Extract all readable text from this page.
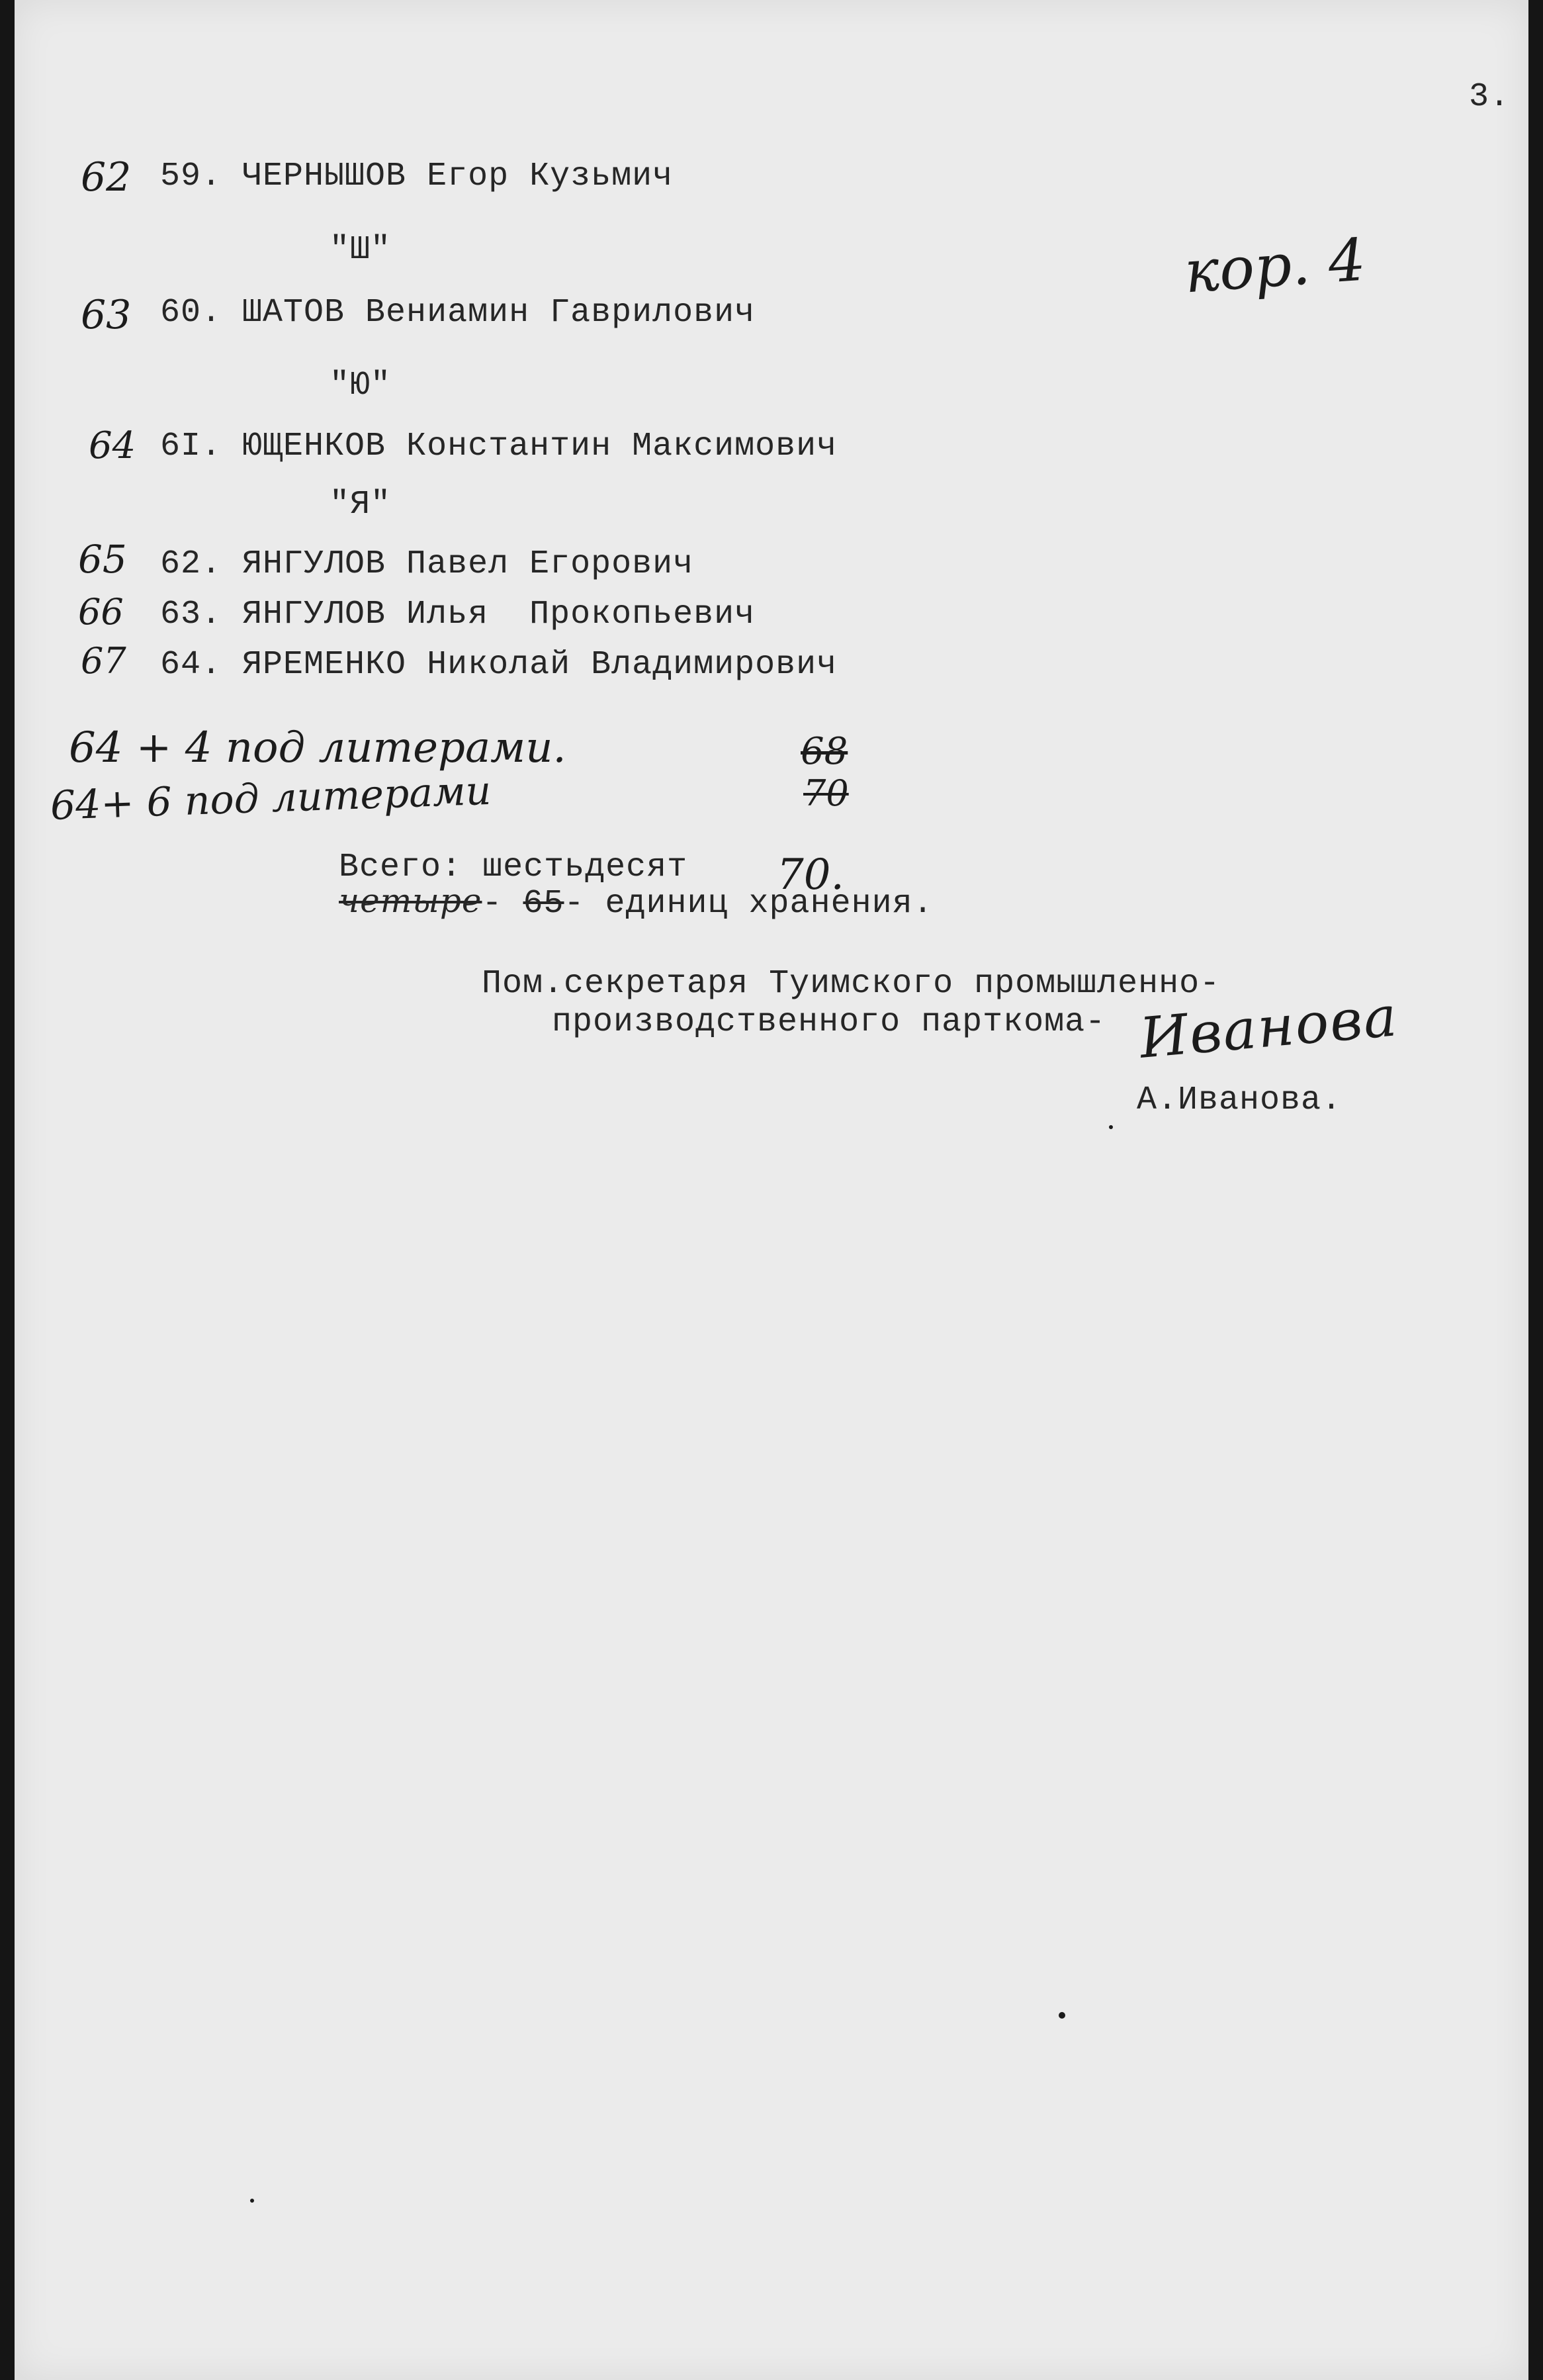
3.
кор. 4
62 59. ЧЕРНЫШОВ Егор Кузьмич
"Ш"
63 60. ШАТОВ Вениамин Гаврилович
"Ю"
64 6I. ЮЩЕНКОВ Константин Максимович
"Я"
65 62. ЯНГУЛОВ Павел Егорович
66 63. ЯНГУЛОВ Илья  Прокопьевич
67 64. ЯРЕМЕНКО Николай Владимирович
64 + 4 под литерами.
64+ 6 под литерами
68
70

Всего: шестьдесят
четыре- 65- единиц хранения.

70.
Пом.секретаря Туимского промышленно-
производственного парткома- Иванова
А.Иванова.
